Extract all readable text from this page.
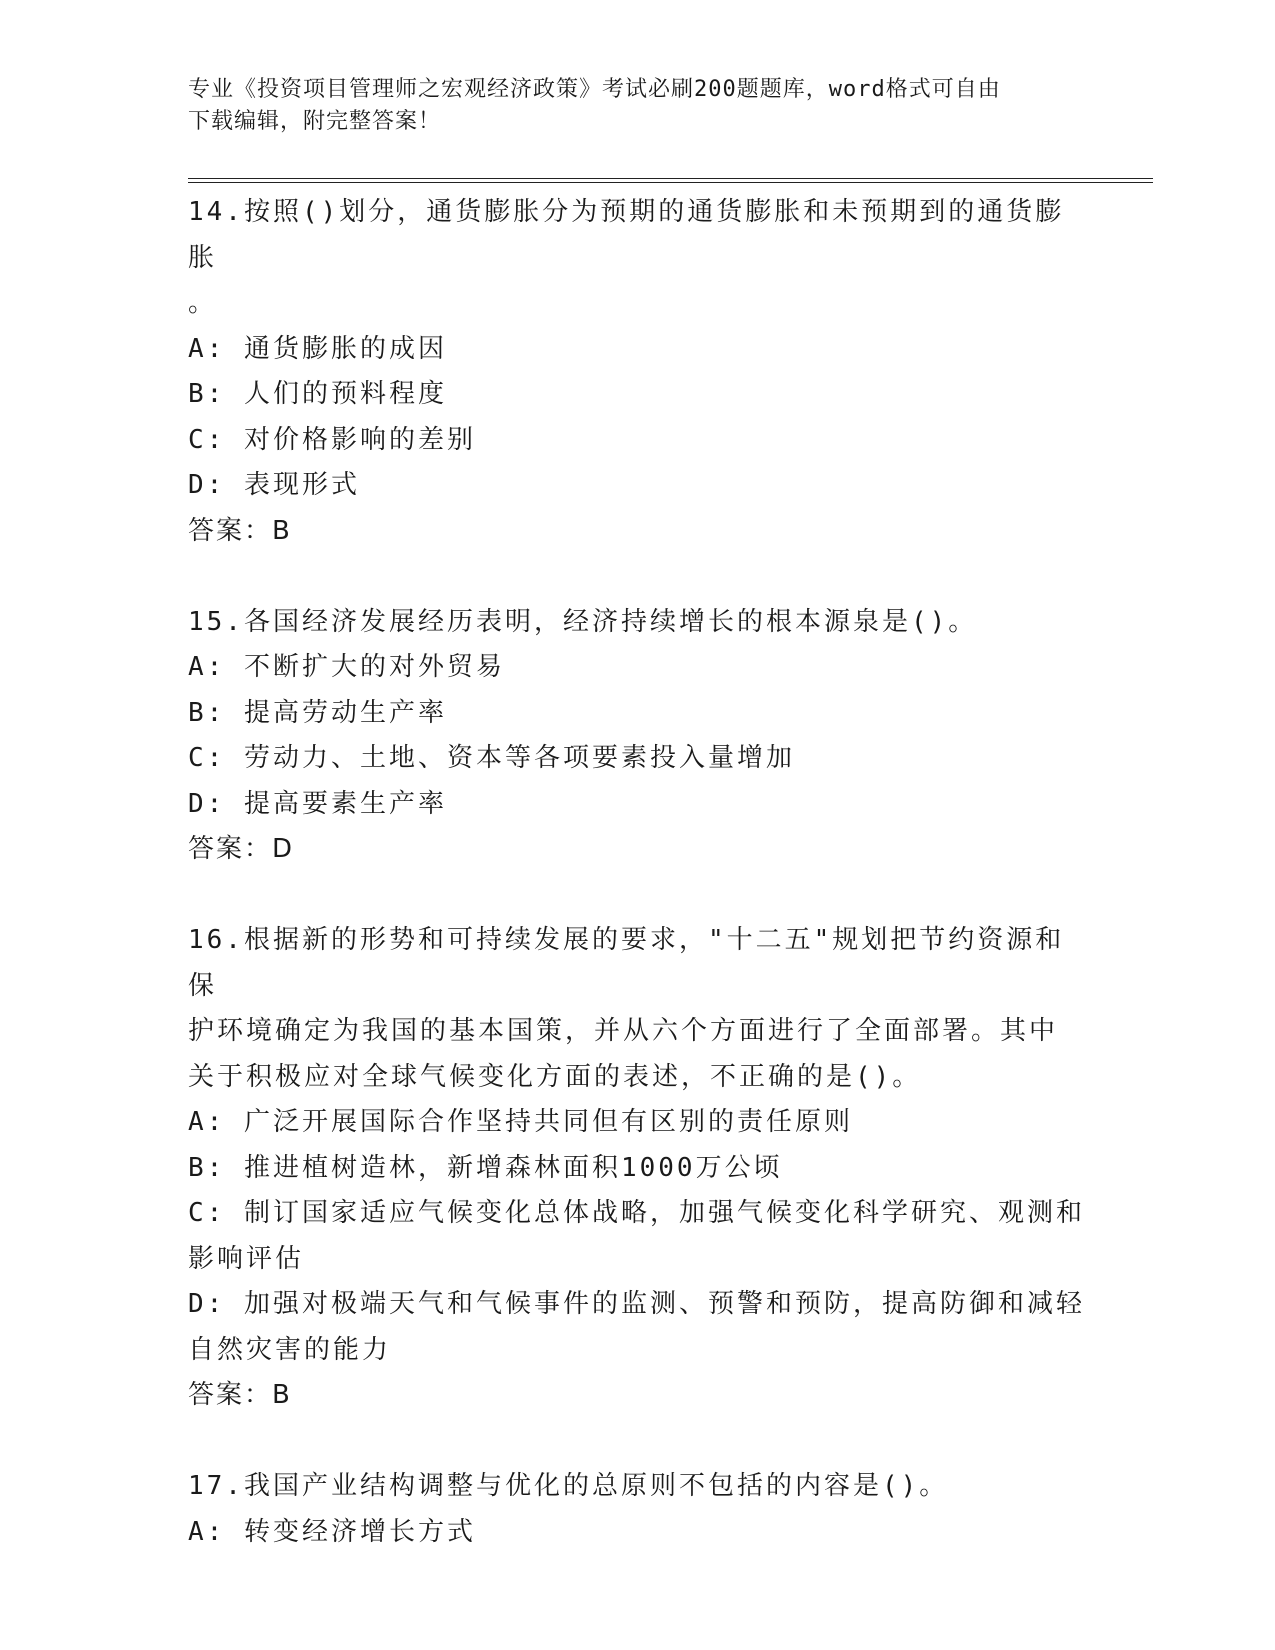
专业《投资项目管理师之宏观经济政策》考试必刷200题题库，word格式可自由
下载编辑，附完整答案！
14.按照()划分，通货膨胀分为预期的通货膨胀和未预期到的通货膨胀
。
A: 通货膨胀的成因
B: 人们的预料程度
C: 对价格影响的差别
D: 表现形式
答案：B
15.各国经济发展经历表明，经济持续增长的根本源泉是()。
A: 不断扩大的对外贸易
B: 提高劳动生产率
C: 劳动力、土地、资本等各项要素投入量增加
D: 提高要素生产率
答案：D
16.根据新的形势和可持续发展的要求，"十二五"规划把节约资源和保
护环境确定为我国的基本国策，并从六个方面进行了全面部署。其中
关于积极应对全球气候变化方面的表述，不正确的是()。
A: 广泛开展国际合作坚持共同但有区别的责任原则
B: 推进植树造林，新增森林面积1000万公顷
C: 制订国家适应气候变化总体战略，加强气候变化科学研究、观测和
影响评估
D: 加强对极端天气和气候事件的监测、预警和预防，提高防御和减轻
自然灾害的能力
答案：B
17.我国产业结构调整与优化的总原则不包括的内容是()。
A: 转变经济增长方式
